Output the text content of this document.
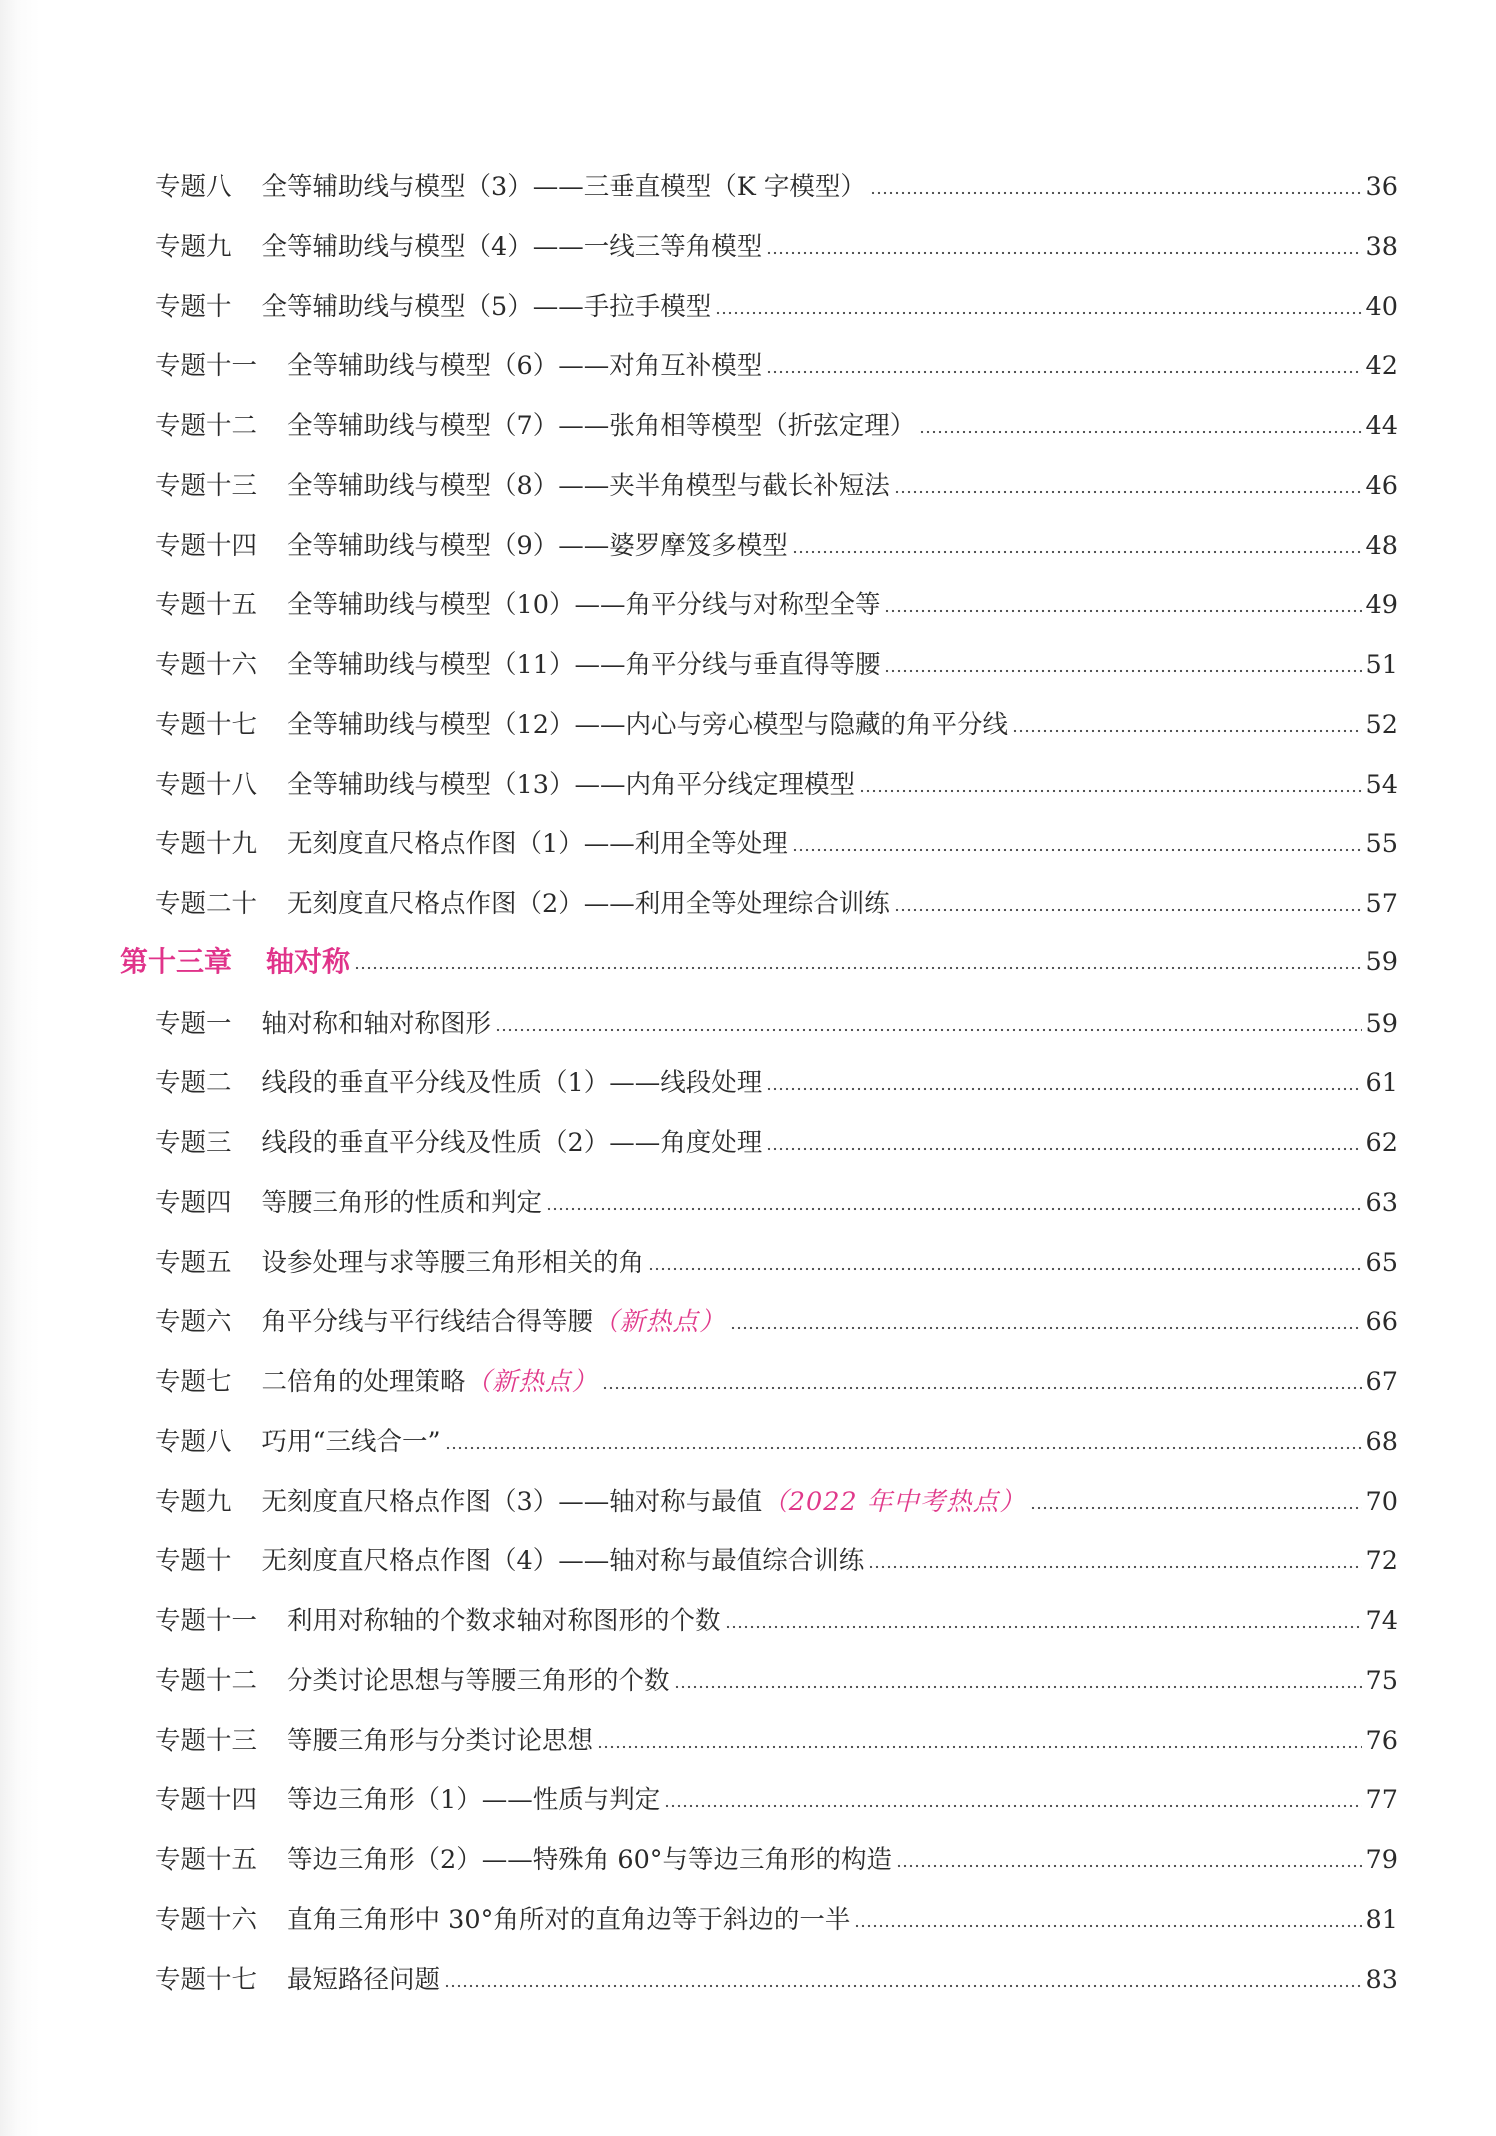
专题八 全等辅助线与模型（3）——三垂直模型（K 字模型）	36
专题九 全等辅助线与模型（4）——一线三等角模型	38
专题十 全等辅助线与模型（5）——手拉手模型	40
专题十一 全等辅助线与模型（6）——对角互补模型	42
专题十二 全等辅助线与模型（7）——张角相等模型（折弦定理）	44
专题十三 全等辅助线与模型（8）——夹半角模型与截长补短法	46
专题十四 全等辅助线与模型（9）——婆罗摩笈多模型	48
专题十五 全等辅助线与模型（10）——角平分线与对称型全等	49
专题十六 全等辅助线与模型（11）——角平分线与垂直得等腰	51
专题十七 全等辅助线与模型（12）——内心与旁心模型与隐藏的角平分线	52
专题十八 全等辅助线与模型（13）——内角平分线定理模型	54
专题十九 无刻度直尺格点作图（1）——利用全等处理	55
专题二十 无刻度直尺格点作图（2）——利用全等处理综合训练	57
第十三章 轴对称	59
专题一 轴对称和轴对称图形	59
专题二 线段的垂直平分线及性质（1）——线段处理	61
专题三 线段的垂直平分线及性质（2）——角度处理	62
专题四 等腰三角形的性质和判定	63
专题五 设参处理与求等腰三角形相关的角	65
专题六 角平分线与平行线结合得等腰 （新热点）	66
专题七 二倍角的处理策略 （新热点）	67
专题八 巧用“三线合一”	68
专题九 无刻度直尺格点作图（3）——轴对称与最值 （2022 年中考热点）	70
专题十 无刻度直尺格点作图（4）——轴对称与最值综合训练	72
专题十一 利用对称轴的个数求轴对称图形的个数	74
专题十二 分类讨论思想与等腰三角形的个数	75
专题十三 等腰三角形与分类讨论思想	76
专题十四 等边三角形（1）——性质与判定	77
专题十五 等边三角形（2）——特殊角 60°与等边三角形的构造	79
专题十六 直角三角形中 30°角所对的直角边等于斜边的一半	81
专题十七 最短路径问题	83
